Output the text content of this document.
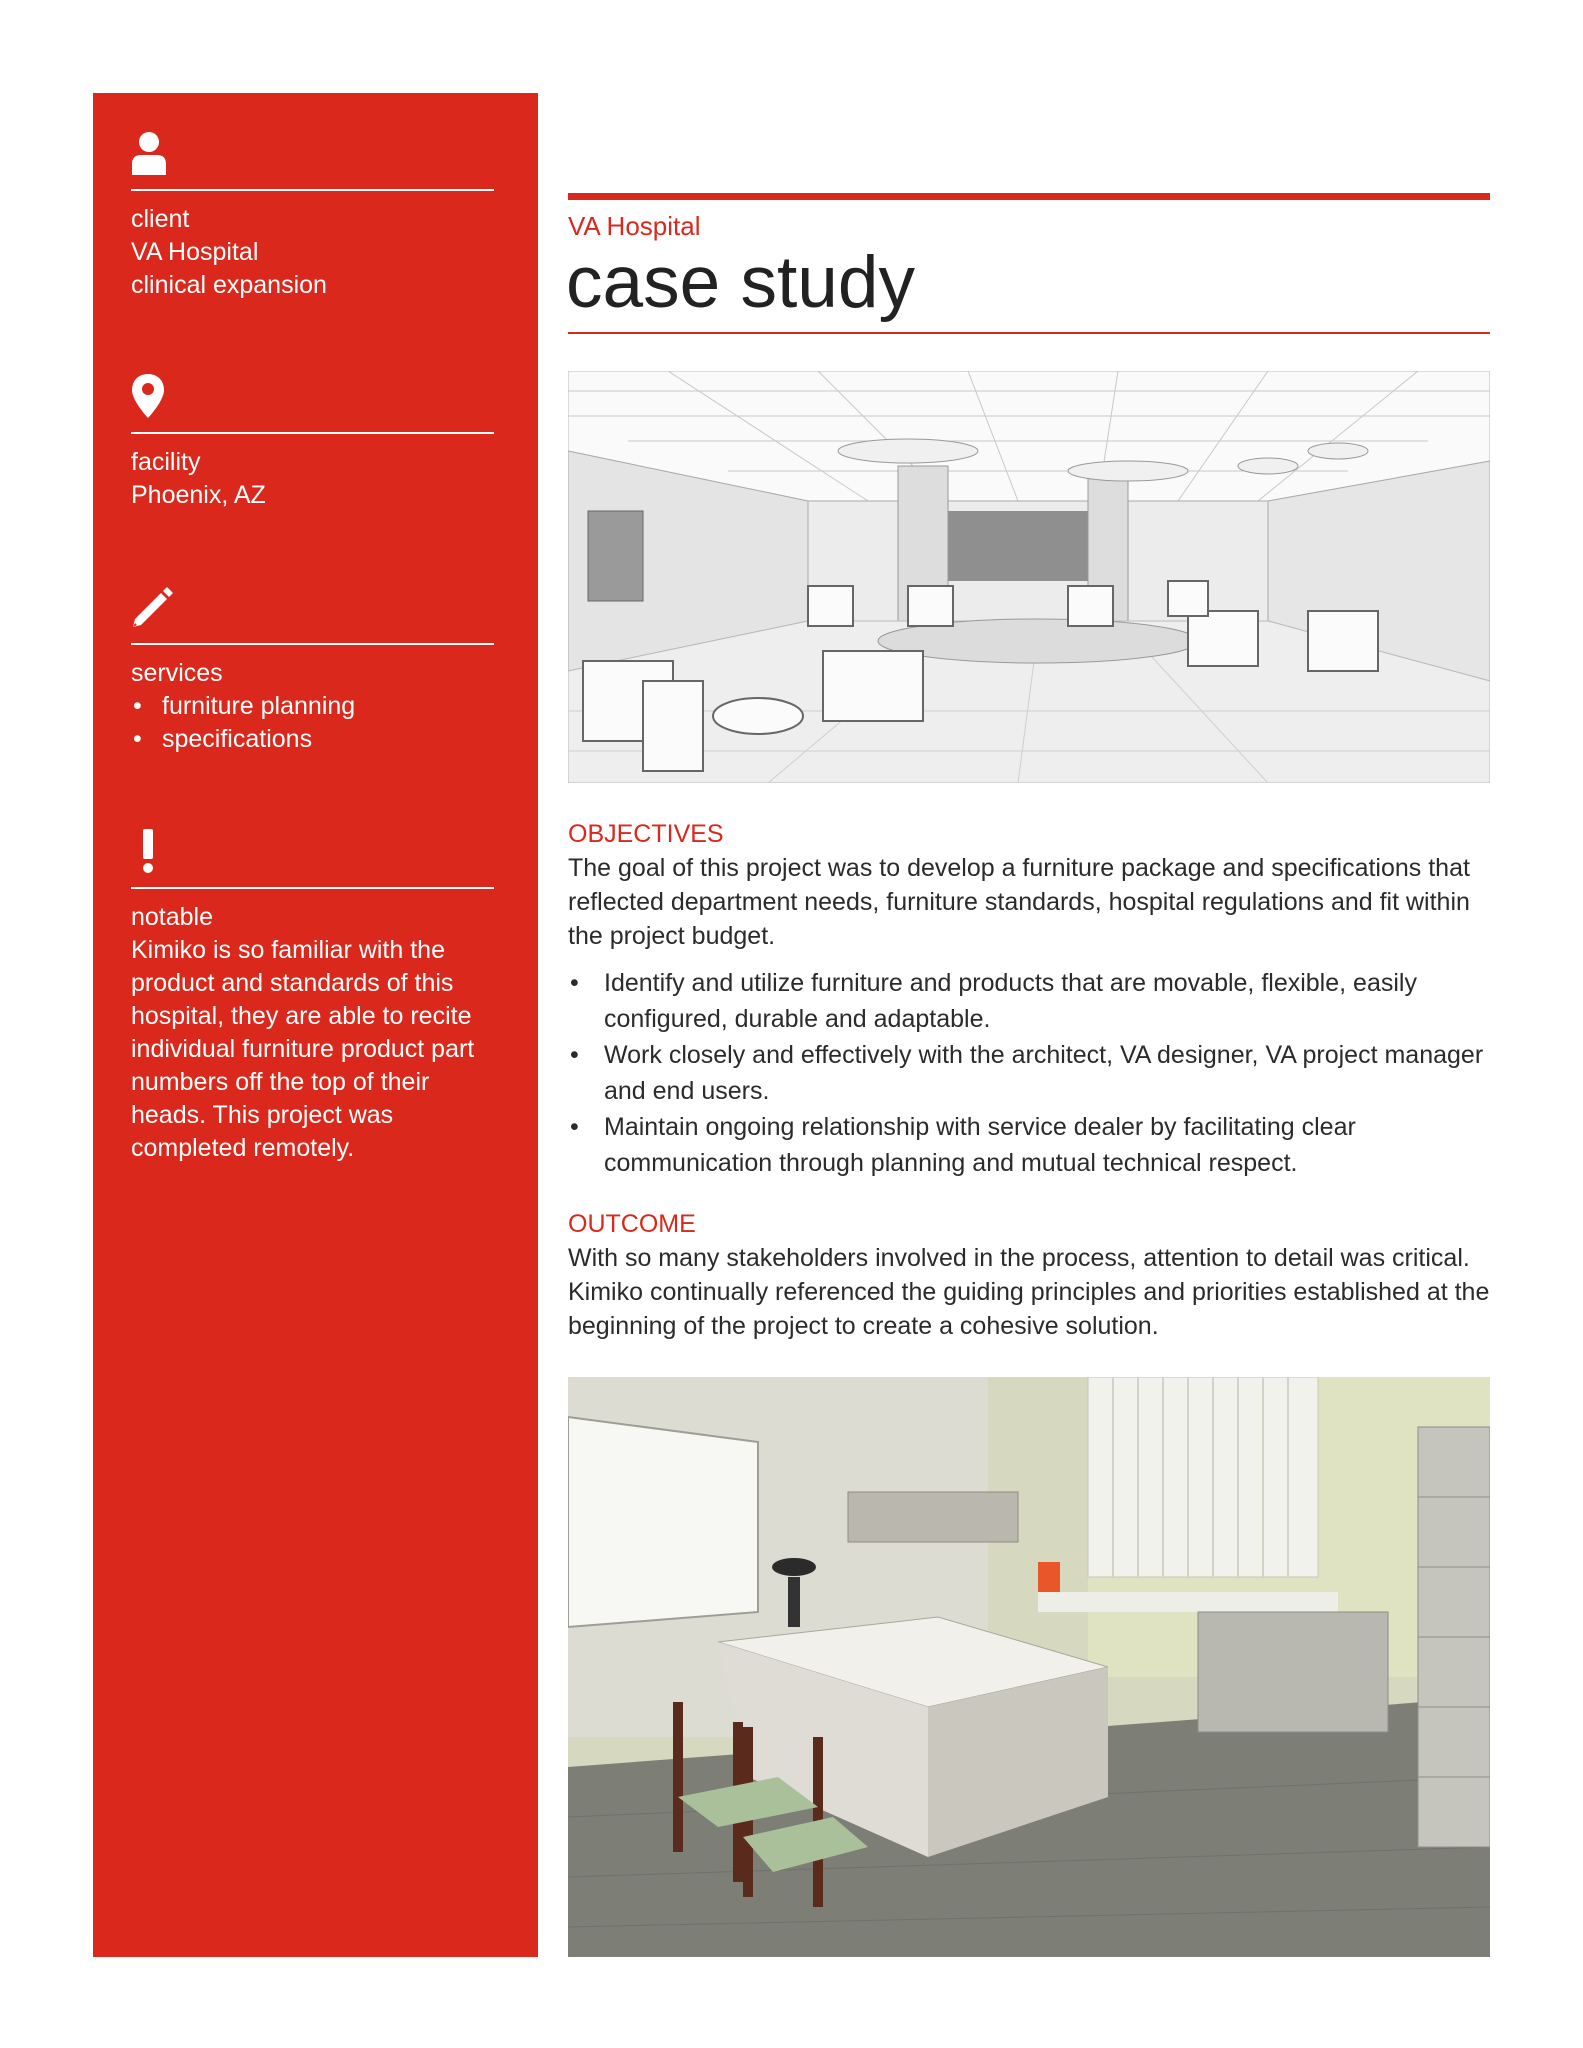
client
VA Hospital
clinical expansion
facility
Phoenix, AZ
services
• furniture planning
• specifications
notable
Kimiko is so familiar with the product and standards of this hospital, they are able to recite individual furniture product part numbers off the top of their heads. This project was completed remotely.
VA Hospital
case study
OBJECTIVES
The goal of this project was to develop a furniture package and specifications that reflected department needs, furniture standards, hospital regulations and fit within the project budget.
• Identify and utilize furniture and products that are movable, flexible, easily configured, durable and adaptable.
• Work closely and effectively with the architect, VA designer, VA project manager and end users.
• Maintain ongoing relationship with service dealer by facilitating clear communication through planning and mutual technical respect.
OUTCOME
With so many stakeholders involved in the process, attention to detail was critical. Kimiko continually referenced the guiding principles and priorities established at the beginning of the project to create a cohesive solution.
